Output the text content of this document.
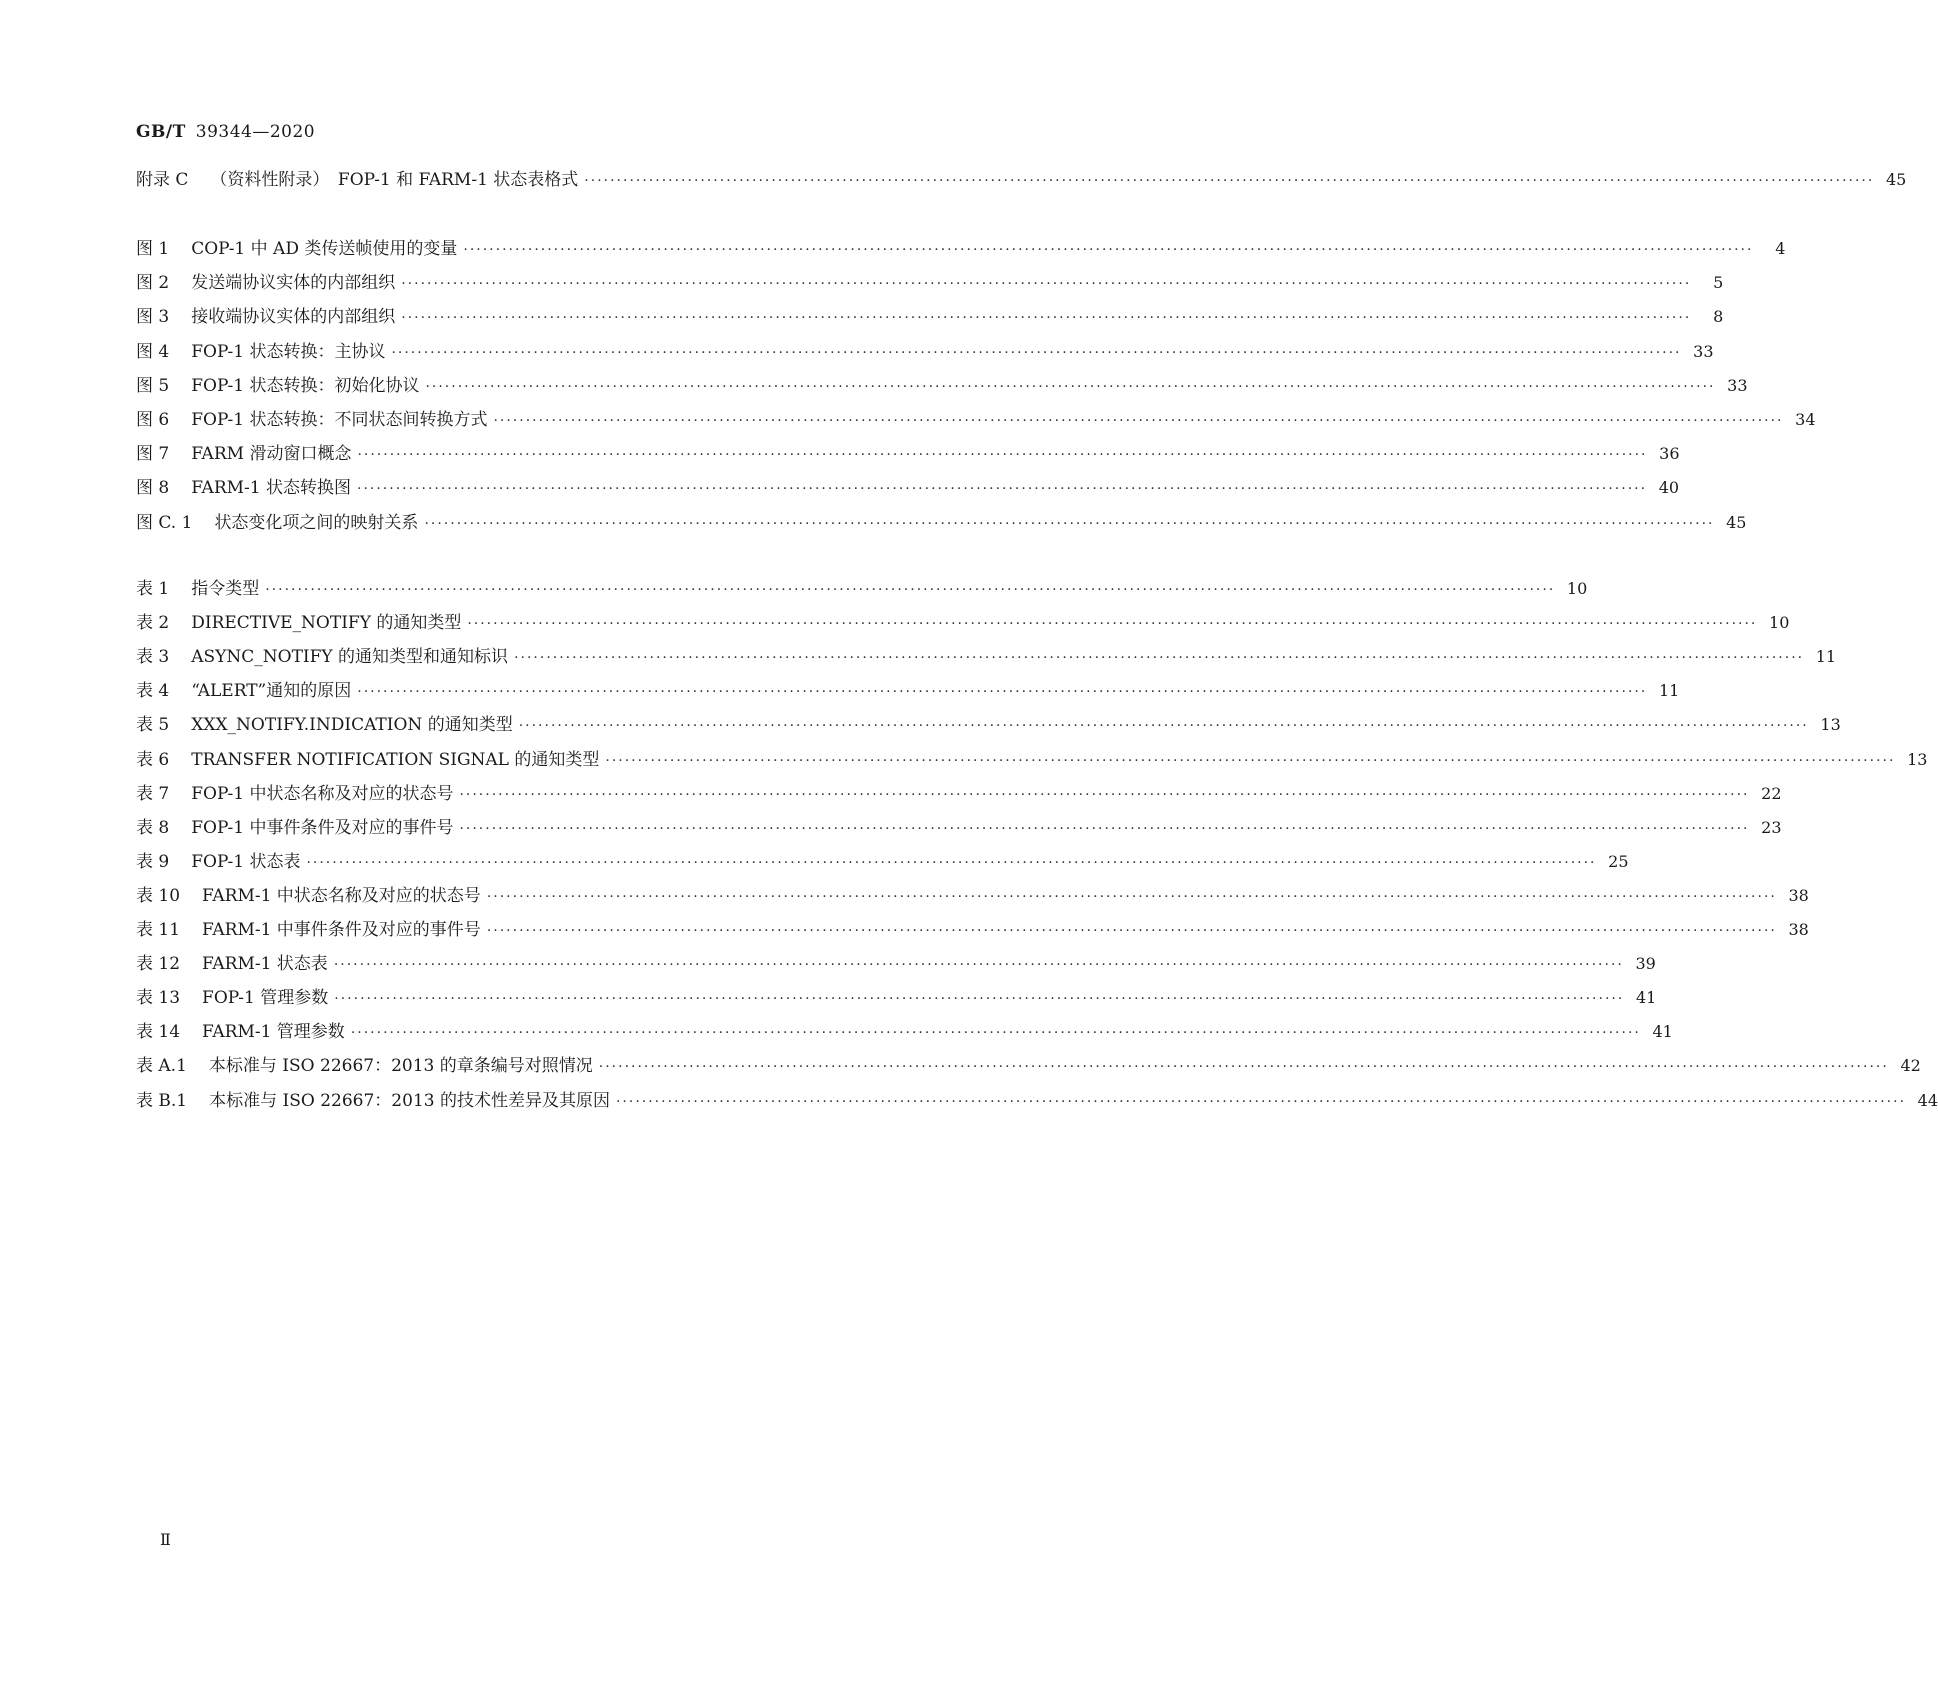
GB/T 39344—2020
附录 C （资料性附录）　FOP-1 和 FARM-1 状态表格式 ········································································································································································································ 45
图 1 COP-1 中 AD 类传送帧使用的变量 ········································································································································································································	4
图 2 发送端协议实体的内部组织 ········································································································································································································	5
图 3 接收端协议实体的内部组织 ········································································································································································································	8
图 4 FOP-1 状态转换：主协议 ········································································································································································································ 33
图 5 FOP-1 状态转换：初始化协议 ········································································································································································································ 33
图 6 FOP-1 状态转换：不同状态间转换方式 ········································································································································································································ 34
图 7 FARM 滑动窗口概念 ········································································································································································································ 36
图 8 FARM-1 状态转换图 ········································································································································································································ 40
图 C. 1 状态变化项之间的映射关系 ········································································································································································································ 45
表 1 指令类型 ········································································································································································································ 10
表 2 DIRECTIVE_NOTIFY 的通知类型 ········································································································································································································ 10
表 3 ASYNC_NOTIFY 的通知类型和通知标识 ········································································································································································································ 11
表 4 “ALERT”通知的原因 ········································································································································································································ 11
表 5 XXX_NOTIFY.INDICATION 的通知类型 ········································································································································································································ 13
表 6 TRANSFER NOTIFICATION SIGNAL 的通知类型 ········································································································································································································ 13
表 7 FOP-1 中状态名称及对应的状态号 ········································································································································································································ 22
表 8 FOP-1 中事件条件及对应的事件号 ········································································································································································································ 23
表 9 FOP-1 状态表 ········································································································································································································ 25
表 10 FARM-1 中状态名称及对应的状态号 ········································································································································································································ 38
表 11 FARM-1 中事件条件及对应的事件号 ········································································································································································································ 38
表 12 FARM-1 状态表 ········································································································································································································ 39
表 13 FOP-1 管理参数 ········································································································································································································ 41
表 14 FARM-1 管理参数 ········································································································································································································ 41
表 A.1 本标准与 ISO 22667：2013 的章条编号对照情况 ········································································································································································································ 42
表 B.1 本标准与 ISO 22667：2013 的技术性差异及其原因 ········································································································································································································ 44
Ⅱ
